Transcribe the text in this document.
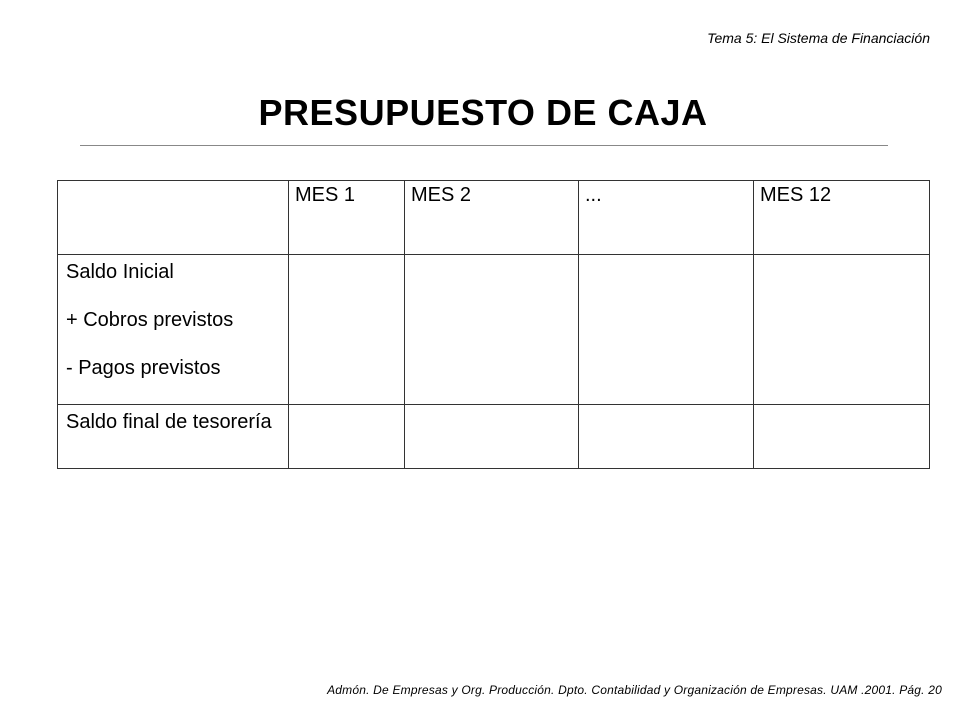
Tema 5: El Sistema de Financiación
PRESUPUESTO DE CAJA
	MES 1	MES 2	...	MES 12

Saldo Inicial
+ Cobros previstos
- Pagos previstos				

Saldo final de tesorería				

Admón. De Empresas y Org. Producción. Dpto. Contabilidad y Organización de Empresas. UAM .2001. Pág. 20
